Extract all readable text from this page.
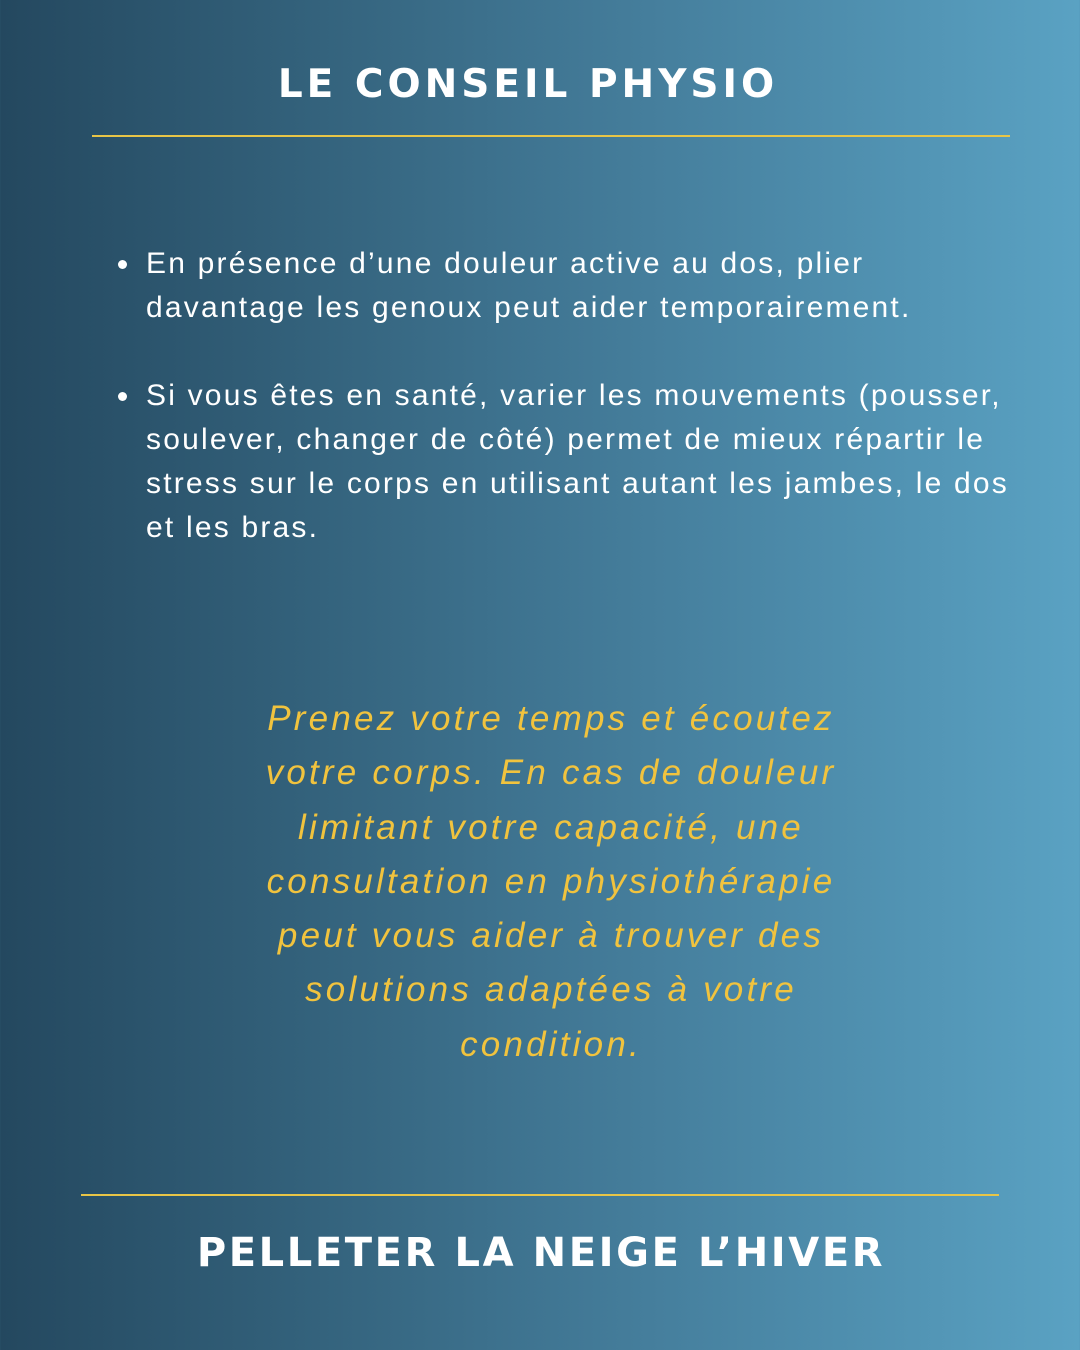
LE CONSEIL PHYSIO
En présence d’une douleur active au dos, plier davantage les genoux peut aider temporairement.
Si vous êtes en santé, varier les mouvements (pousser, soulever, changer de côté) permet de mieux répartir le stress sur le corps en utilisant autant les jambes, le dos et les bras.

Prenez votre temps et écoutez votre corps. En cas de douleur limitant votre capacité, une consultation en physiothérapie peut vous aider à trouver des solutions adaptées à votre condition.

PELLETER LA NEIGE L’HIVER
